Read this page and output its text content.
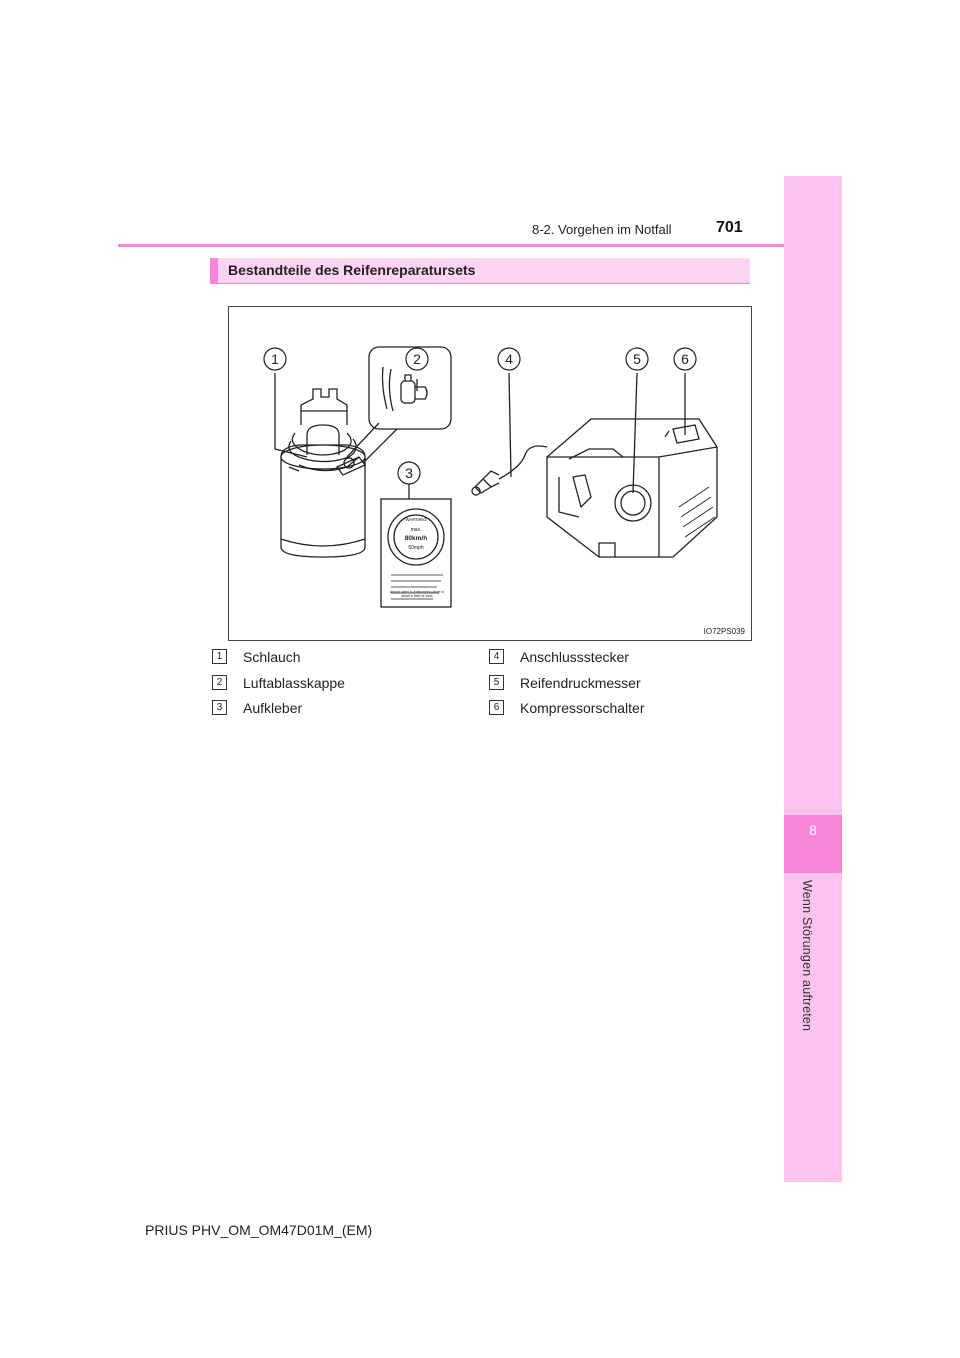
8
Wenn Störungen auftreten
8-2. Vorgehen im Notfall	701
Bestandteile des Reifenreparatursets
1	2
3
4	5	6
WARNING
max.
80km/h
50mph
IO72PS039
Attach label to instrument panel in driver's field of view
1	Schlauch
2	Luftablasskappe
3	Aufkleber
4	Anschlussstecker
5	Reifendruckmesser
6	Kompressorschalter
PRIUS PHV_OM_OM47D01M_(EM)
